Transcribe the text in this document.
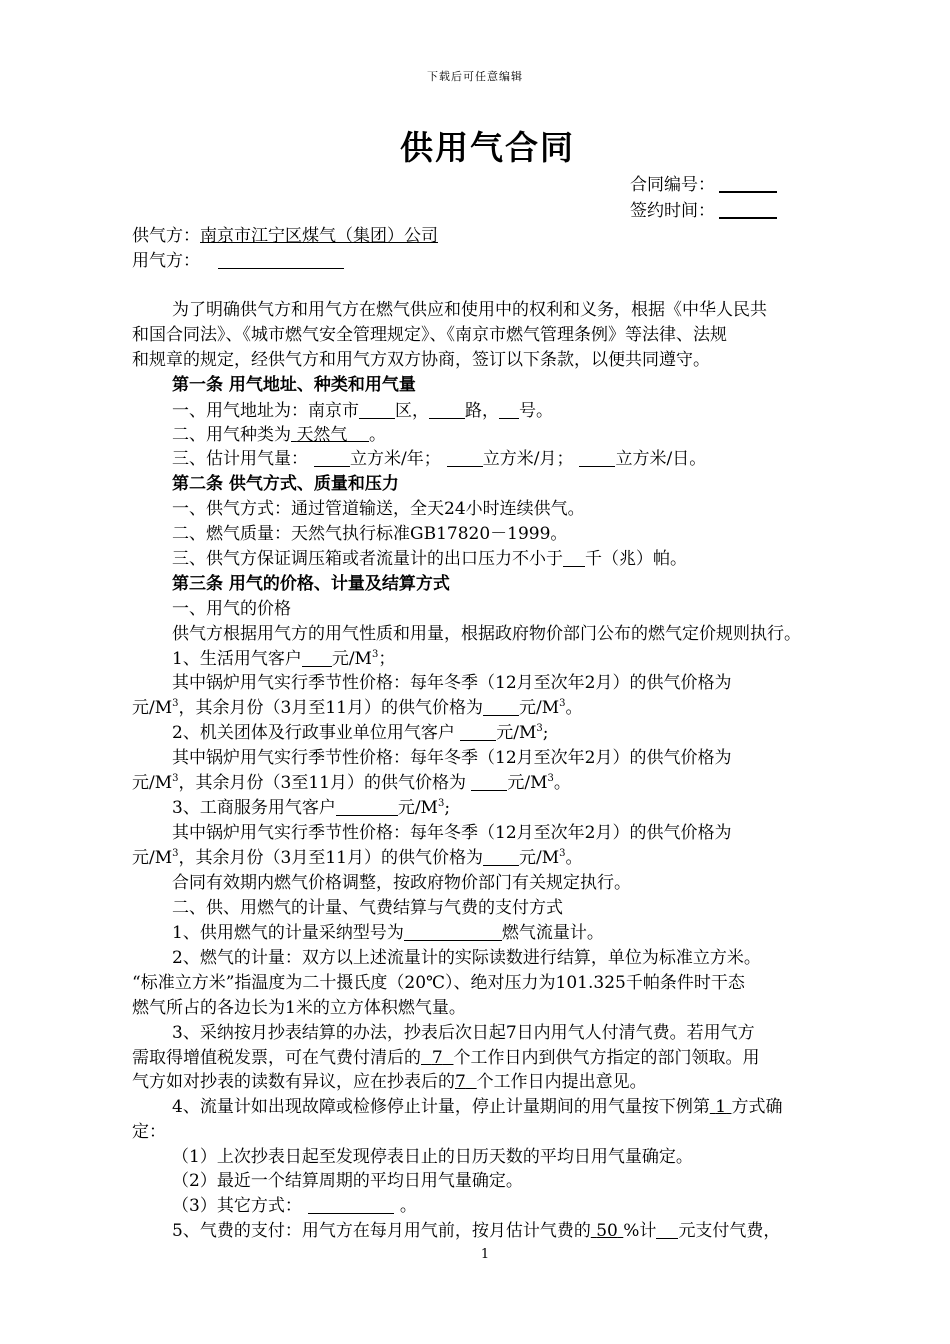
下载后可任意编辑
供用气合同
合同编号：
签约时间：
供气方：南京市江宁区煤气（集团）公司
用气方：
为了明确供气方和用气方在燃气供应和使用中的权利和义务，根据《中华人民共
和国合同法》、《城市燃气安全管理规定》、《南京市燃气管理条例》等法律、法规
和规章的规定，经供气方和用气方双方协商，签订以下条款，以便共同遵守。
第一条 用气地址、种类和用气量
一、用气地址为：南京市 区， 路， 号。
二、用气种类为 天然气 。
三、估计用气量： 立方米/年； 立方米/月； 立方米/日。
第二条 供气方式、质量和压力
一、供气方式：通过管道输送，全天24小时连续供气。
二、燃气质量：天然气执行标准GB17820－1999。
三、供气方保证调压箱或者流量计的出口压力不小于 千（兆）帕。
第三条 用气的价格、计量及结算方式
一、用气的价格
供气方根据用气方的用气性质和用量，根据政府物价部门公布的燃气定价规则执行。
1、生活用气客户 元$/M^3$；
其中锅炉用气实行季节性价格：每年冬季（12月至次年2月）的供气价格为
元$/M^3$，其余月份（3月至11月）的供气价格为 元$/M^3$。
2、机关团体及行政事业单位用气客户 元$/M^3$;
其中锅炉用气实行季节性价格：每年冬季（12月至次年2月）的供气价格为
元$/M^3$，其余月份（3至11月）的供气价格为 元$/M^3$。
3、工商服务用气客户	元$/M^3$;
其中锅炉用气实行季节性价格：每年冬季（12月至次年2月）的供气价格为
元$/M^3$，其余月份（3月至11月）的供气价格为 元$/M^3$。
合同有效期内燃气价格调整，按政府物价部门有关规定执行。
二、供、用燃气的计量、气费结算与气费的支付方式
1、供用燃气的计量采纳型号为	燃气流量计。
2、燃气的计量：双方以上述流量计的实际读数进行结算，单位为标准立方米。
“标准立方米”指温度为二十摄氏度（20℃）、绝对压力为101.325千帕条件时干态
燃气所占的各边长为1米的立方体积燃气量。
3、采纳按月抄表结算的办法，抄表后次日起7日内用气人付清气费。若用气方
需取得增值税发票，可在气费付清后的 7 个工作日内到供气方指定的部门领取。用
气方如对抄表的读数有异议，应在抄表后的7 个工作日内提出意见。
4、流量计如出现故障或检修停止计量，停止计量期间的用气量按下例第 1 方式确
定：
（1）上次抄表日起至发现停表日止的日历天数的平均日用气量确定。
（2）最近一个结算周期的平均日用气量确定。
（3）其它方式：	。
5、气费的支付：用气方在每月用气前，按月估计气费的 50 %计 元支付气费，
1
